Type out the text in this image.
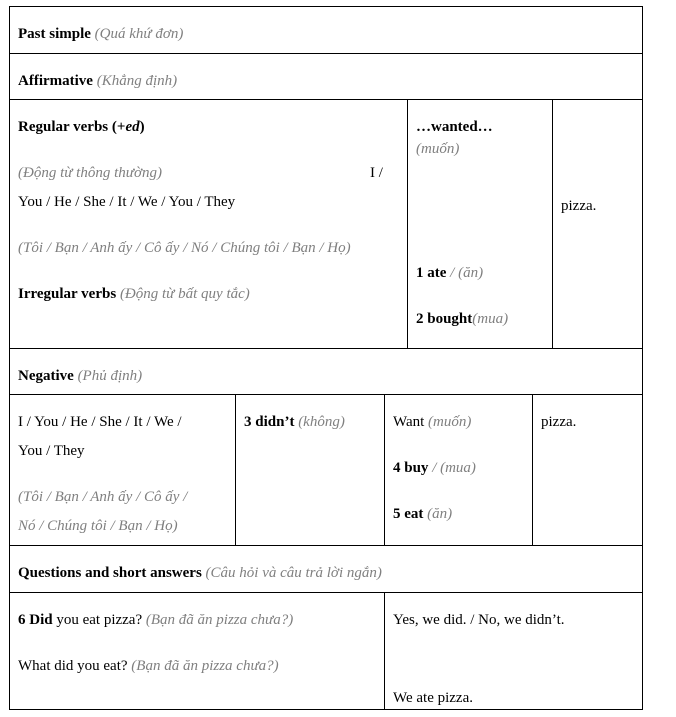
Past simple (Quá khứ đơn)
Affirmative (Khẳng định)
Regular verbs (+ed)
(Động từ thông thường)	I /
You / He / She / It / We / You / They
(Tôi / Bạn / Anh ấy / Cô ấy / Nó / Chúng tôi / Bạn / Họ)
Irregular verbs (Động từ bất quy tắc)
…wanted…
(muốn)
1 ate / (ăn)
2 bought(mua)
pizza.
Negative (Phủ định)
I / You / He / She / It / We /
You / They
(Tôi / Bạn / Anh ấy / Cô ấy /
Nó / Chúng tôi / Bạn / Họ)
3 didn’t (không)	Want (muốn)
4 buy / (mua)
5 eat (ăn)
pizza.
Questions and short answers (Câu hỏi và câu trả lời ngắn)
6 Did you eat pizza? (Bạn đã ăn pizza chưa?)
What did you eat? (Bạn đã ăn pizza chưa?)
Yes, we did. / No, we didn’t.
We ate pizza.
